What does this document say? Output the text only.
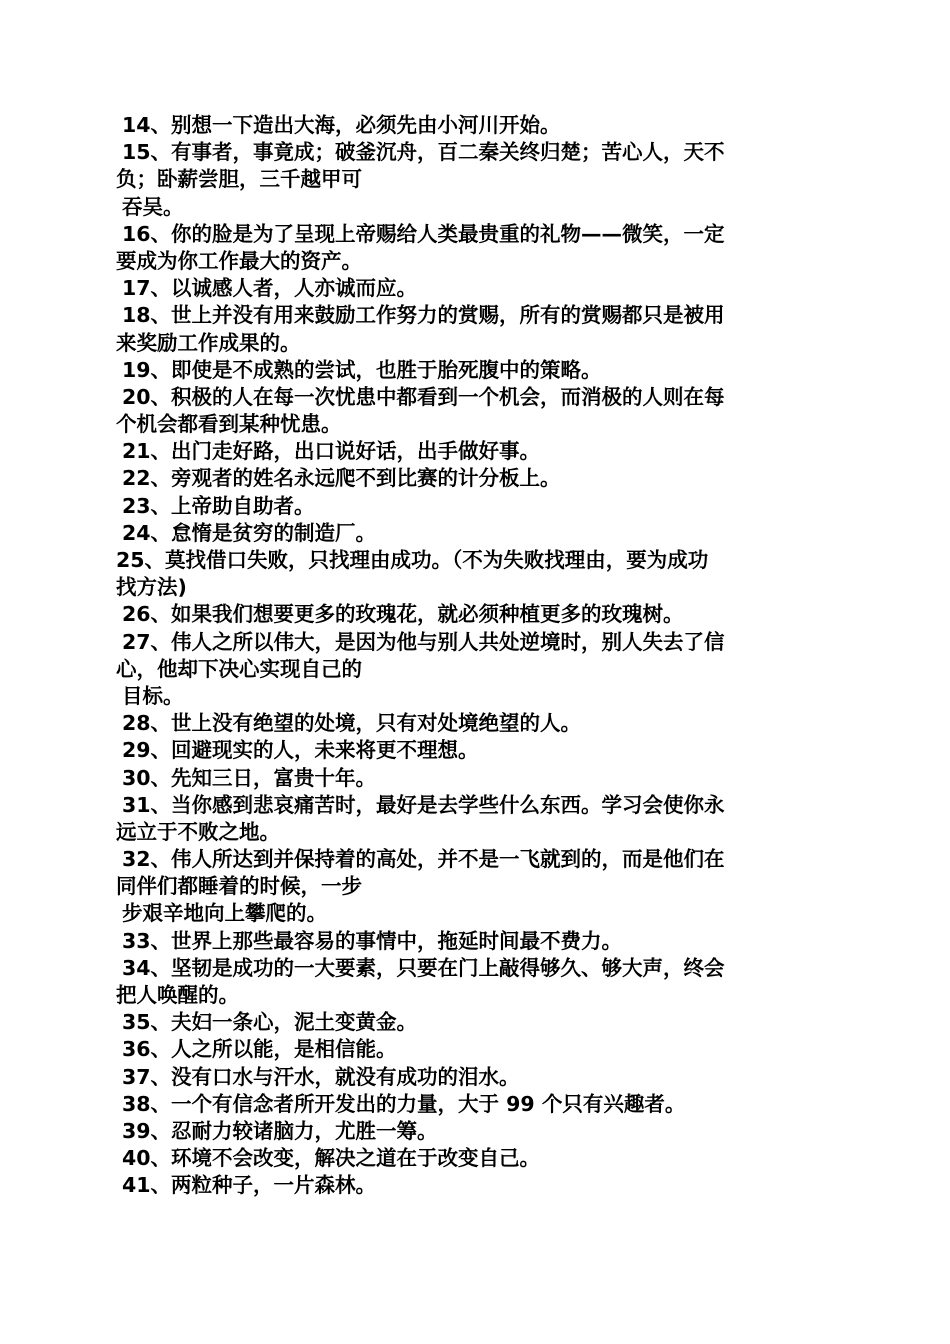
14、别想一下造出大海，必须先由小河川开始。
15、有事者，事竟成；破釜沉舟，百二秦关终归楚；苦心人，天不
负；卧薪尝胆，三千越甲可
吞吴。
16、你的脸是为了呈现上帝赐给人类最贵重的礼物——微笑，一定
要成为你工作最大的资产。
17、以诚感人者，人亦诚而应。
18、世上并没有用来鼓励工作努力的赏赐，所有的赏赐都只是被用
来奖励工作成果的。
19、即使是不成熟的尝试，也胜于胎死腹中的策略。
20、积极的人在每一次忧患中都看到一个机会，而消极的人则在每
个机会都看到某种忧患。
21、出门走好路，出口说好话，出手做好事。
22、旁观者的姓名永远爬不到比赛的计分板上。
23、上帝助自助者。
24、怠惰是贫穷的制造厂。
25、莫找借口失败，只找理由成功。（不为失败找理由，要为成功
找方法)
26、如果我们想要更多的玫瑰花，就必须种植更多的玫瑰树。
27、伟人之所以伟大，是因为他与别人共处逆境时，别人失去了信
心，他却下决心实现自己的
目标。
28、世上没有绝望的处境，只有对处境绝望的人。
29、回避现实的人，未来将更不理想。
30、先知三日，富贵十年。
31、当你感到悲哀痛苦时，最好是去学些什么东西。学习会使你永
远立于不败之地。
32、伟人所达到并保持着的高处，并不是一飞就到的，而是他们在
同伴们都睡着的时候，一步
步艰辛地向上攀爬的。
33、世界上那些最容易的事情中，拖延时间最不费力。
34、坚韧是成功的一大要素，只要在门上敲得够久、够大声，终会
把人唤醒的。
35、夫妇一条心，泥土变黄金。
36、人之所以能，是相信能。
37、没有口水与汗水，就没有成功的泪水。
38、一个有信念者所开发出的力量，大于 99 个只有兴趣者。
39、忍耐力较诸脑力，尤胜一筹。
40、环境不会改变，解决之道在于改变自己。
41、两粒种子，一片森林。
